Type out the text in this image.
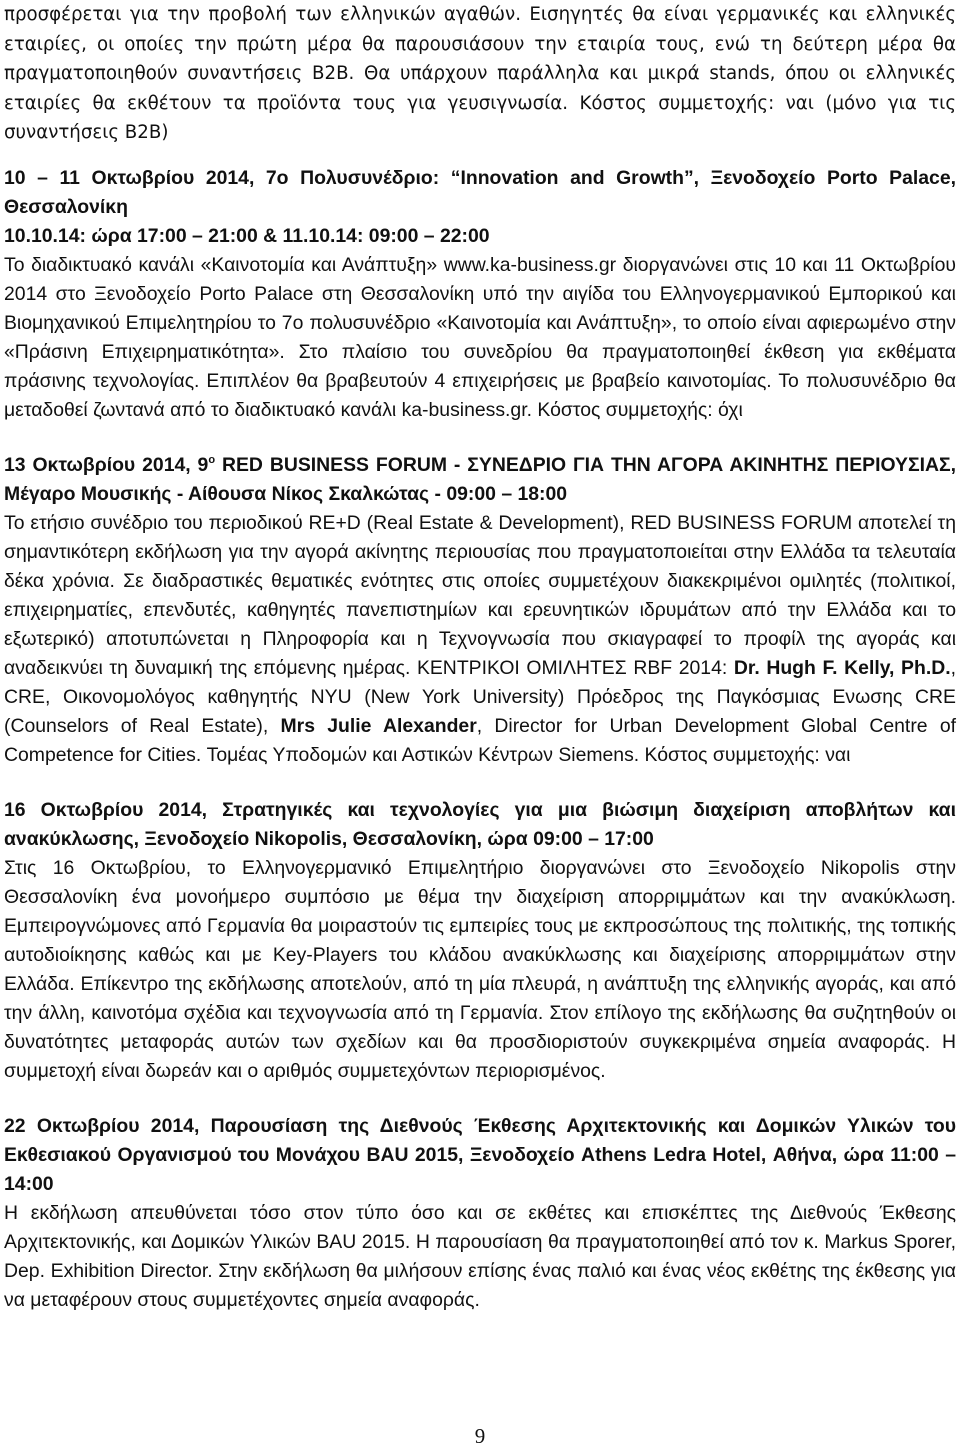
προσφέρεται για την προβολή των ελληνικών αγαθών. Εισηγητές θα είναι γερμανικές και ελληνικές εταιρίες, οι οποίες την πρώτη μέρα θα παρουσιάσουν την εταιρία τους, ενώ τη δεύτερη μέρα θα πραγματοποιηθούν συναντήσεις B2B. Θα υπάρχουν παράλληλα και μικρά stands, όπου οι ελληνικές εταιρίες θα εκθέτουν τα προϊόντα τους για γευσιγνωσία. Κόστος συμμετοχής: ναι (μόνο για τις συναντήσεις B2B)

10 – 11 Οκτωβρίου 2014, 7ο Πολυσυνέδριο: “Innovation and Growth”, Ξενοδοχείο Porto Palace, Θεσσαλονίκη

10.10.14: ώρα 17:00 – 21:00 & 11.10.14: 09:00 – 22:00

Το διαδικτυακό κανάλι «Καινοτομία και Ανάπτυξη» www.ka-business.gr διοργανώνει στις 10 και 11 Οκτωβρίου 2014 στο Ξενοδοχείο Porto Palace στη Θεσσαλονίκη υπό την αιγίδα του Ελληνογερμανικού Εμπορικού και Βιομηχανικού Επιμελητηρίου το 7ο πολυσυνέδριο «Καινοτομία και Ανάπτυξη», το οποίο είναι αφιερωμένο στην «Πράσινη Επιχειρηματικότητα». Στο πλαίσιο του συνεδρίου θα πραγματοποιηθεί έκθεση για εκθέματα πράσινης τεχνολογίας. Επιπλέον θα βραβευτούν 4 επιχειρήσεις με βραβείο καινοτομίας. Το πολυσυνέδριο θα μεταδοθεί ζωντανά από το διαδικτυακό κανάλι ka-business.gr. Κόστος συμμετοχής: όχι

13 Οκτωβρίου 2014, $9^o$ RED BUSINESS FORUM - ΣΥΝΕΔΡΙΟ ΓΙΑ ΤΗΝ ΑΓΟΡΑ ΑΚΙΝΗΤΗΣ ΠΕΡΙΟΥΣΙΑΣ, Μέγαρο Μουσικής - Αίθουσα Νίκος Σκαλκώτας - 09:00 – 18:00

Το ετήσιο συνέδριο του περιοδικού RE+D (Real Estate & Development), RED BUSINESS FORUM αποτελεί τη σημαντικότερη εκδήλωση για την αγορά ακίνητης περιουσίας που πραγματοποιείται στην Ελλάδα τα τελευταία δέκα χρόνια. Σε διαδραστικές θεματικές ενότητες στις οποίες συμμετέχουν διακεκριμένοι ομιλητές (πολιτικοί, επιχειρηματίες, επενδυτές, καθηγητές πανεπιστημίων και ερευνητικών ιδρυμάτων από την Ελλάδα και το εξωτερικό) αποτυπώνεται η Πληροφορία και η Τεχνογνωσία που σκιαγραφεί το προφίλ της αγοράς και αναδεικνύει τη δυναμική της επόμενης ημέρας. ΚΕΝΤΡΙΚΟΙ ΟΜΙΛΗΤΕΣ RBF 2014: Dr. Hugh F. Kelly, Ph.D., CRE, Οικονομολόγος καθηγητής NYU (New York University) Πρόεδρος της Παγκόσμιας Ενωσης CRE (Counselors of Real Estate), Mrs Julie Alexander, Director for Urban Development Global Centre of Competence for Cities. Τομέας Υποδομών και Αστικών Κέντρων Siemens. Κόστος συμμετοχής: ναι

16 Οκτωβρίου 2014, Στρατηγικές και τεχνολογίες για μια βιώσιμη διαχείριση αποβλήτων και ανακύκλωσης, Ξενοδοχείο Nikopolis, Θεσσαλονίκη, ώρα 09:00 – 17:00

Στις 16 Οκτωβρίου, το Ελληνογερμανικό Επιμελητήριο διοργανώνει στο Ξενοδοχείο Nikopolis στην Θεσσαλονίκη ένα μονοήμερο συμπόσιο με θέμα την διαχείριση απορριμμάτων και την ανακύκλωση. Εμπειρογνώμονες από Γερμανία θα μοιραστούν τις εμπειρίες τους με εκπροσώπους της πολιτικής, της τοπικής αυτοδιοίκησης καθώς και με Key-Players του κλάδου ανακύκλωσης και διαχείρισης απορριμμάτων στην Ελλάδα. Επίκεντρο της εκδήλωσης αποτελούν, από τη μία πλευρά, η ανάπτυξη της ελληνικής αγοράς, και από την άλλη, καινοτόμα σχέδια και τεχνογνωσία από τη Γερμανία. Στον επίλογο της εκδήλωσης θα συζητηθούν οι δυνατότητες μεταφοράς αυτών των σχεδίων και θα προσδιοριστούν συγκεκριμένα σημεία αναφοράς. Η συμμετοχή είναι δωρεάν και ο αριθμός συμμετεχόντων περιορισμένος.

22 Οκτωβρίου 2014, Παρουσίαση της Διεθνούς Έκθεσης Αρχιτεκτονικής και Δομικών Υλικών του Εκθεσιακού Οργανισμού του Μονάχου BAU 2015, Ξενοδοχείο Athens Ledra Hotel, Αθήνα, ώρα 11:00 – 14:00

Η εκδήλωση απευθύνεται τόσο στον τύπο όσο και σε εκθέτες και επισκέπτες της Διεθνούς Έκθεσης Αρχιτεκτονικής, και Δομικών Υλικών BAU 2015. Η παρουσίαση θα πραγματοποιηθεί από τον κ. Markus Sporer, Dep. Exhibition Director. Στην εκδήλωση θα μιλήσουν επίσης ένας παλιό και ένας νέος εκθέτης της έκθεσης για να μεταφέρουν στους συμμετέχοντες σημεία αναφοράς.

9
